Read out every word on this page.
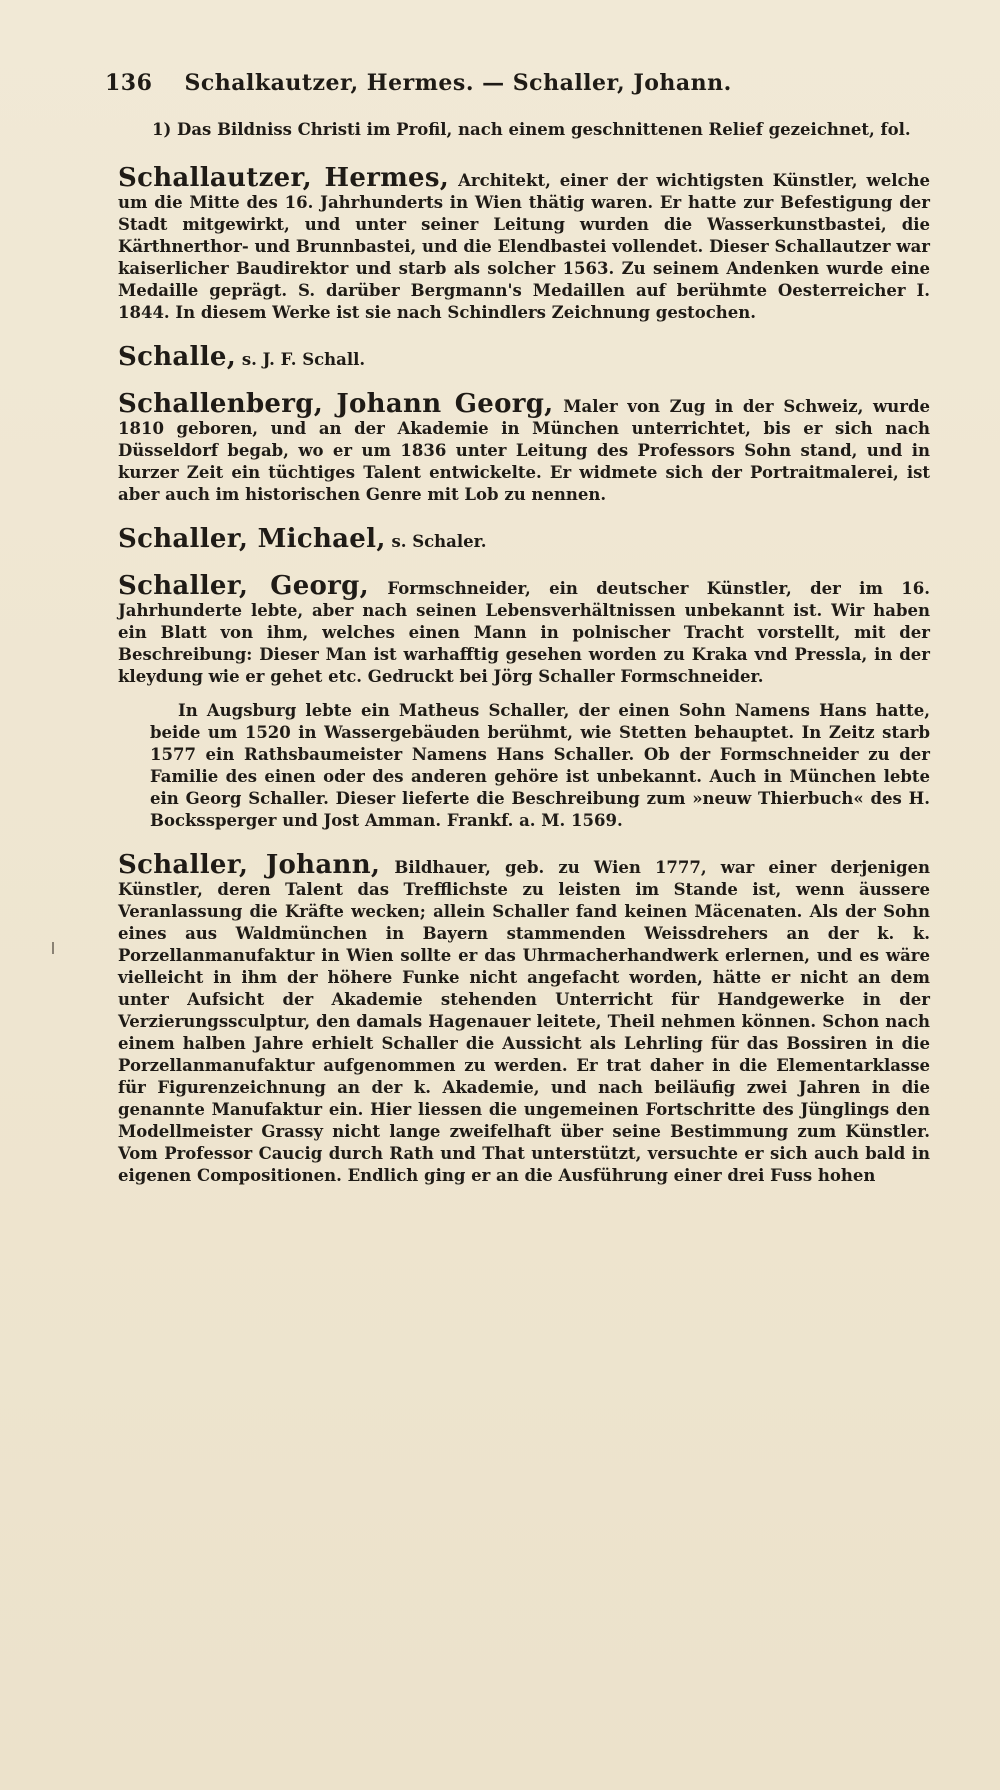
136 Schalkautzer, Hermes. — Schaller, Johann.

1) Das Bildniss Christi im Profil, nach einem geschnittenen Relief gezeichnet, fol.

Schallautzer, Hermes, Architekt, einer der wichtigsten Künstler, welche um die Mitte des 16. Jahrhunderts in Wien thätig waren. Er hatte zur Befestigung der Stadt mitgewirkt, und unter seiner Leitung wurden die Wasserkunstbastei, die Kärthnerthor- und Brunnbastei, und die Elendbastei vollendet. Dieser Schallautzer war kaiserlicher Baudirektor und starb als solcher 1563. Zu seinem Andenken wurde eine Medaille geprägt. S. darüber Bergmann's Medaillen auf berühmte Oesterreicher I. 1844. In diesem Werke ist sie nach Schindlers Zeichnung gestochen.
Schalle, s. J. F. Schall.
Schallenberg, Johann Georg, Maler von Zug in der Schweiz, wurde 1810 geboren, und an der Akademie in München unterrichtet, bis er sich nach Düsseldorf begab, wo er um 1836 unter Leitung des Professors Sohn stand, und in kurzer Zeit ein tüchtiges Talent entwickelte. Er widmete sich der Portraitmalerei, ist aber auch im historischen Genre mit Lob zu nennen.
Schaller, Michael, s. Schaler.
Schaller, Georg, Formschneider, ein deutscher Künstler, der im 16. Jahrhunderte lebte, aber nach seinen Lebensverhältnissen unbekannt ist. Wir haben ein Blatt von ihm, welches einen Mann in polnischer Tracht vorstellt, mit der Beschreibung: Dieser Man ist warhafftig gesehen worden zu Kraka vnd Pressla, in der kleydung wie er gehet etc. Gedruckt bei Jörg Schaller Formschneider.

In Augsburg lebte ein Matheus Schaller, der einen Sohn Namens Hans hatte, beide um 1520 in Wassergebäuden berühmt, wie Stetten behauptet. In Zeitz starb 1577 ein Rathsbaumeister Namens Hans Schaller. Ob der Formschneider zu der Familie des einen oder des anderen gehöre ist unbekannt. Auch in München lebte ein Georg Schaller. Dieser lieferte die Beschreibung zum »neuw Thierbuch« des H. Bockssperger und Jost Amman. Frankf. a. M. 1569.

Schaller, Johann, Bildhauer, geb. zu Wien 1777, war einer derjenigen Künstler, deren Talent das Trefflichste zu leisten im Stande ist, wenn äussere Veranlassung die Kräfte wecken; allein Schaller fand keinen Mäcenaten. Als der Sohn eines aus Waldmünchen in Bayern stammenden Weissdrehers an der k. k. Porzellanmanufaktur in Wien sollte er das Uhrmacherhandwerk erlernen, und es wäre vielleicht in ihm der höhere Funke nicht angefacht worden, hätte er nicht an dem unter Aufsicht der Akademie stehenden Unterricht für Handgewerke in der Verzierungssculptur, den damals Hagenauer leitete, Theil nehmen können. Schon nach einem halben Jahre erhielt Schaller die Aussicht als Lehrling für das Bossiren in die Porzellanmanufaktur aufgenommen zu werden. Er trat daher in die Elementarklasse für Figurenzeichnung an der k. Akademie, und nach beiläufig zwei Jahren in die genannte Manufaktur ein. Hier liessen die ungemeinen Fortschritte des Jünglings den Modellmeister Grassy nicht lange zweifelhaft über seine Bestimmung zum Künstler. Vom Professor Caucig durch Rath und That unterstützt, versuchte er sich auch bald in eigenen Compositionen. Endlich ging er an die Ausführung einer drei Fuss hohen
